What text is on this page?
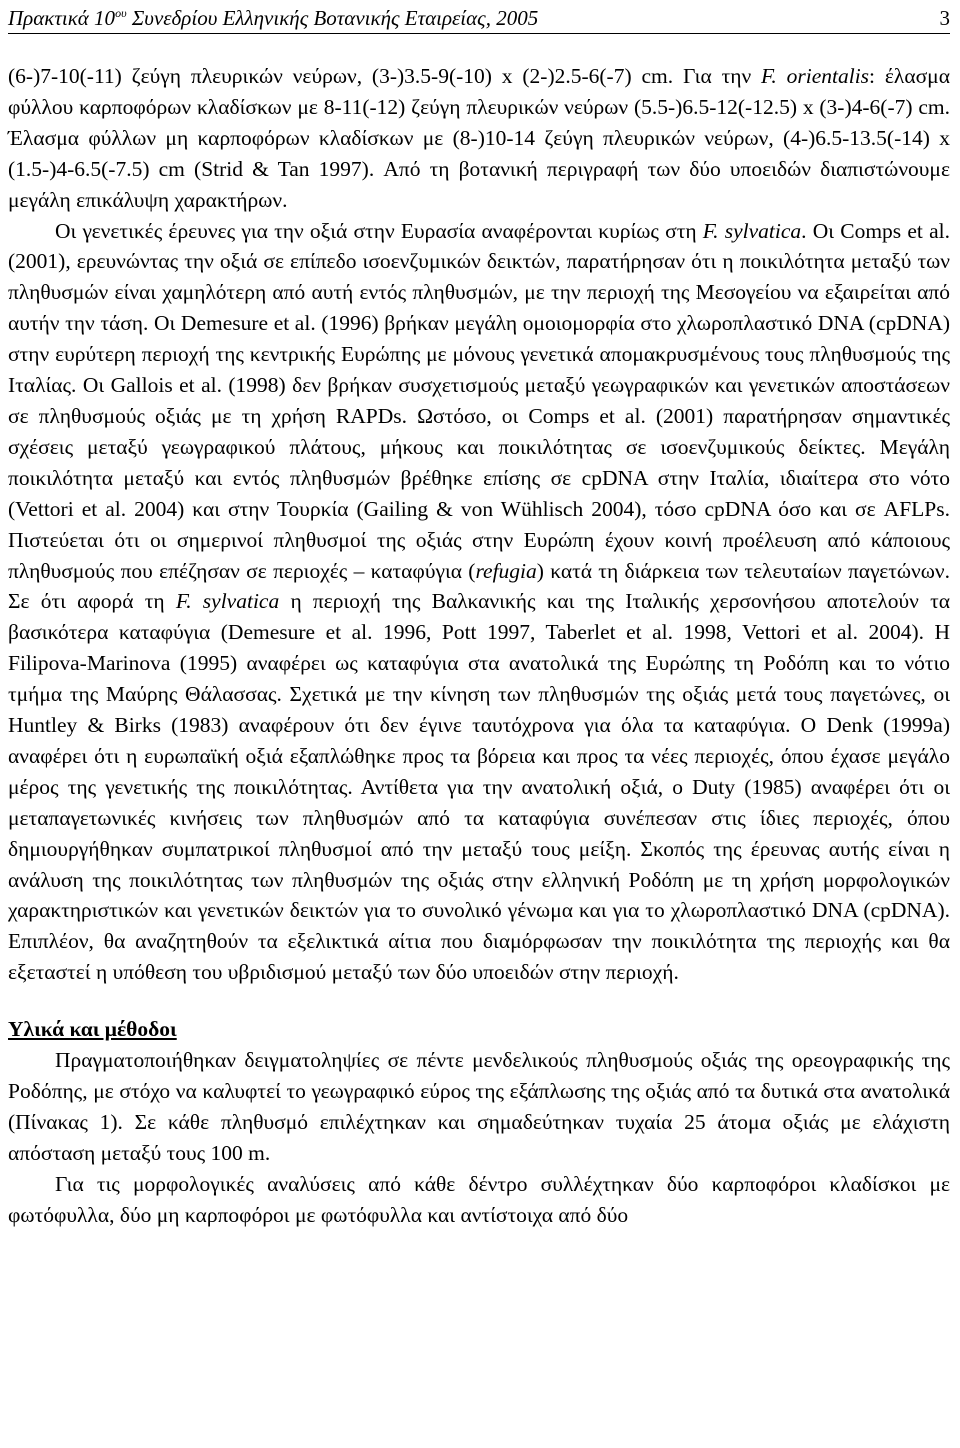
Πρακτικά $10^{o\upsilon}$ Συνεδρίου Ελληνικής Βοτανικής Εταιρείας, 2005	3

(6-)7-10(-11) ζεύγη πλευρικών νεύρων, (3-)3.5-9(-10) x (2-)2.5-6(-7) cm. Για την F. orientalis: έλασμα φύλλου καρποφόρων κλαδίσκων με 8-11(-12) ζεύγη πλευρικών νεύρων (5.5-)6.5-12(-12.5) x (3-)4-6(-7) cm. Έλασμα φύλλων μη καρποφόρων κλαδίσκων με (8-)10-14 ζεύγη πλευρικών νεύρων, (4-)6.5-13.5(-14) x (1.5-)4-6.5(-7.5) cm (Strid & Tan 1997). Από τη βοτανική περιγραφή των δύο υποειδών διαπιστώνουμε μεγάλη επικάλυψη χαρακτήρων.

Οι γενετικές έρευνες για την οξιά στην Ευρασία αναφέρονται κυρίως στη F. sylvatica. Οι Comps et al. (2001), ερευνώντας την οξιά σε επίπεδο ισοενζυμικών δεικτών, παρατήρησαν ότι η ποικιλότητα μεταξύ των πληθυσμών είναι χαμηλότερη από αυτή εντός πληθυσμών, με την περιοχή της Μεσογείου να εξαιρείται από αυτήν την τάση. Οι Demesure et al. (1996) βρήκαν μεγάλη ομοιομορφία στο χλωροπλαστικό DNA (cpDNA) στην ευρύτερη περιοχή της κεντρικής Ευρώπης με μόνους γενετικά απομακρυσμένους τους πληθυσμούς της Ιταλίας. Οι Gallois et al. (1998) δεν βρήκαν συσχετισμούς μεταξύ γεωγραφικών και γενετικών αποστάσεων σε πληθυσμούς οξιάς με τη χρήση RAPDs. Ωστόσο, οι Comps et al. (2001) παρατήρησαν σημαντικές σχέσεις μεταξύ γεωγραφικού πλάτους, μήκους και ποικιλότητας σε ισοενζυμικούς δείκτες. Μεγάλη ποικιλότητα μεταξύ και εντός πληθυσμών βρέθηκε επίσης σε cpDNA στην Ιταλία, ιδιαίτερα στο νότο (Vettori et al. 2004) και στην Τουρκία (Gailing & von Wühlisch 2004), τόσο cpDNA όσο και σε AFLPs. Πιστεύεται ότι οι σημερινοί πληθυσμοί της οξιάς στην Ευρώπη έχουν κοινή προέλευση από κάποιους πληθυσμούς που επέζησαν σε περιοχές – καταφύγια (refugia) κατά τη διάρκεια των τελευταίων παγετώνων. Σε ότι αφορά τη F. sylvatica η περιοχή της Βαλκανικής και της Ιταλικής χερσονήσου αποτελούν τα βασικότερα καταφύγια (Demesure et al. 1996, Pott 1997, Taberlet et al. 1998, Vettori et al. 2004). Η Filipova-Marinova (1995) αναφέρει ως καταφύγια στα ανατολικά της Ευρώπης τη Ροδόπη και το νότιο τμήμα της Μαύρης Θάλασσας. Σχετικά με την κίνηση των πληθυσμών της οξιάς μετά τους παγετώνες, οι Huntley & Birks (1983) αναφέρουν ότι δεν έγινε ταυτόχρονα για όλα τα καταφύγια. Ο Denk (1999a) αναφέρει ότι η ευρωπαϊκή οξιά εξαπλώθηκε προς τα βόρεια και προς τα νέες περιοχές, όπου έχασε μεγάλο μέρος της γενετικής της ποικιλότητας. Αντίθετα για την ανατολική οξιά, ο Duty (1985) αναφέρει ότι οι μεταπαγετωνικές κινήσεις των πληθυσμών από τα καταφύγια συνέπεσαν στις ίδιες περιοχές, όπου δημιουργήθηκαν συμπατρικοί πληθυσμοί από την μεταξύ τους μείξη. Σκοπός της έρευνας αυτής είναι η ανάλυση της ποικιλότητας των πληθυσμών της οξιάς στην ελληνική Ροδόπη με τη χρήση μορφολογικών χαρακτηριστικών και γενετικών δεικτών για το συνολικό γένωμα και για το χλωροπλαστικό DNA (cpDNA). Επιπλέον, θα αναζητηθούν τα εξελικτικά αίτια που διαμόρφωσαν την ποικιλότητα της περιοχής και θα εξεταστεί η υπόθεση του υβριδισμού μεταξύ των δύο υποειδών στην περιοχή.

Υλικά και μέθοδοι

Πραγματοποιήθηκαν δειγματοληψίες σε πέντε μενδελικούς πληθυσμούς οξιάς της ορεογραφικής της Ροδόπης, με στόχο να καλυφτεί το γεωγραφικό εύρος της εξάπλωσης της οξιάς από τα δυτικά στα ανατολικά (Πίνακας 1). Σε κάθε πληθυσμό επιλέχτηκαν και σημαδεύτηκαν τυχαία 25 άτομα οξιάς με ελάχιστη απόσταση μεταξύ τους 100 m.

Για τις μορφολογικές αναλύσεις από κάθε δέντρο συλλέχτηκαν δύο καρποφόροι κλαδίσκοι με φωτόφυλλα, δύο μη καρποφόροι με φωτόφυλλα και αντίστοιχα από δύο
